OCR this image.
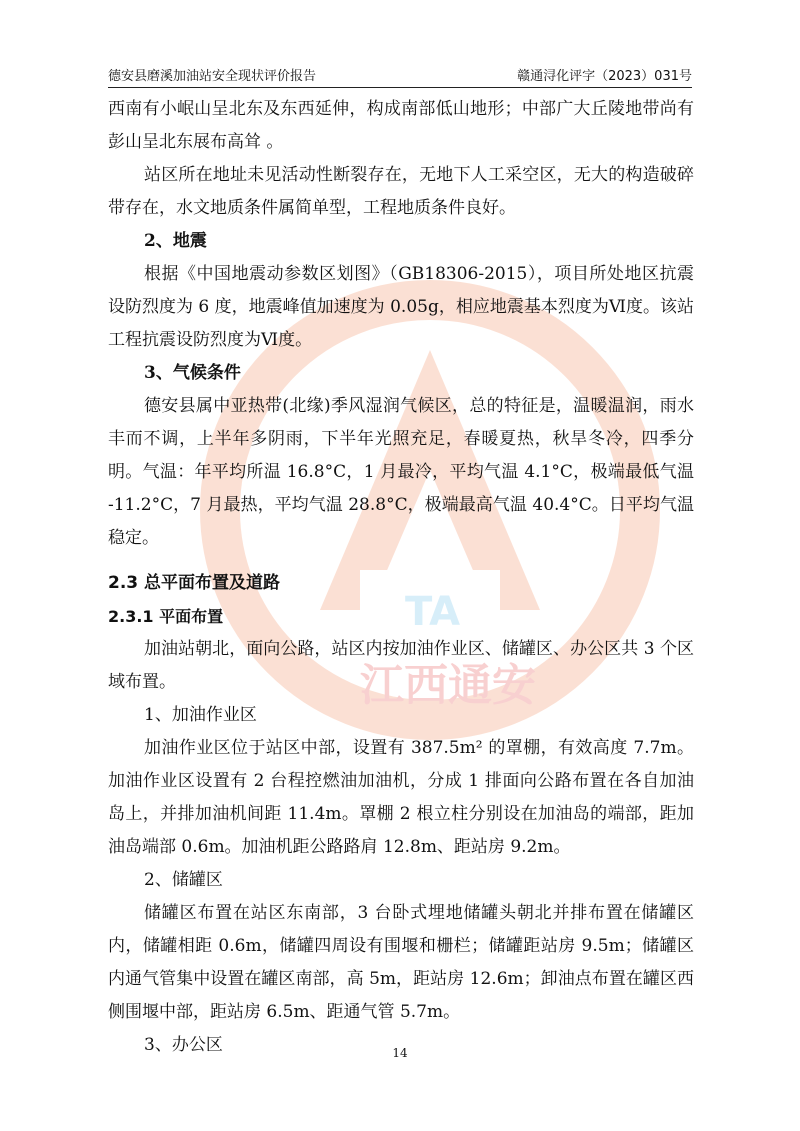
德安县磨溪加油站安全现状评价报告	赣通浔化评字（2023）031号
TA
江西通安

西南有小岷山呈北东及东西延伸，构成南部低山地形；中部广大丘陵地带尚有彭山呈北东展布高耸 。

站区所在地址未见活动性断裂存在，无地下人工采空区，无大的构造破碎带存在，水文地质条件属简单型，工程地质条件良好。

2、地震

根据《中国地震动参数区划图》（GB18306-2015），项目所处地区抗震设防烈度为 6 度，地震峰值加速度为 0.05g，相应地震基本烈度为Ⅵ度。该站工程抗震设防烈度为Ⅵ度。

3、气候条件

德安县属中亚热带(北缘)季风湿润气候区，总的特征是，温暖温润，雨水丰而不调，上半年多阴雨，下半年光照充足，春暖夏热，秋旱冬冷，四季分明。气温：年平均所温 16.8°C，1 月最冷，平均气温 4.1°C，极端最低气温 -11.2°C，7 月最热，平均气温 28.8°C，极端最高气温 40.4°C。日平均气温稳定。

2.3 总平面布置及道路

2.3.1 平面布置

加油站朝北，面向公路，站区内按加油作业区、储罐区、办公区共 3 个区域布置。

1、加油作业区

加油作业区位于站区中部，设置有 387.5m² 的罩棚，有效高度 7.7m。加油作业区设置有 2 台程控燃油加油机，分成 1 排面向公路布置在各自加油岛上，并排加油机间距 11.4m。罩棚 2 根立柱分别设在加油岛的端部，距加油岛端部 0.6m。加油机距公路路肩 12.8m、距站房 9.2m。

2、储罐区

储罐区布置在站区东南部，3 台卧式埋地储罐头朝北并排布置在储罐区内，储罐相距 0.6m，储罐四周设有围堰和栅栏；储罐距站房 9.5m；储罐区内通气管集中设置在罐区南部，高 5m，距站房 12.6m；卸油点布置在罐区西侧围堰中部，距站房 6.5m、距通气管 5.7m。

3、办公区	14
